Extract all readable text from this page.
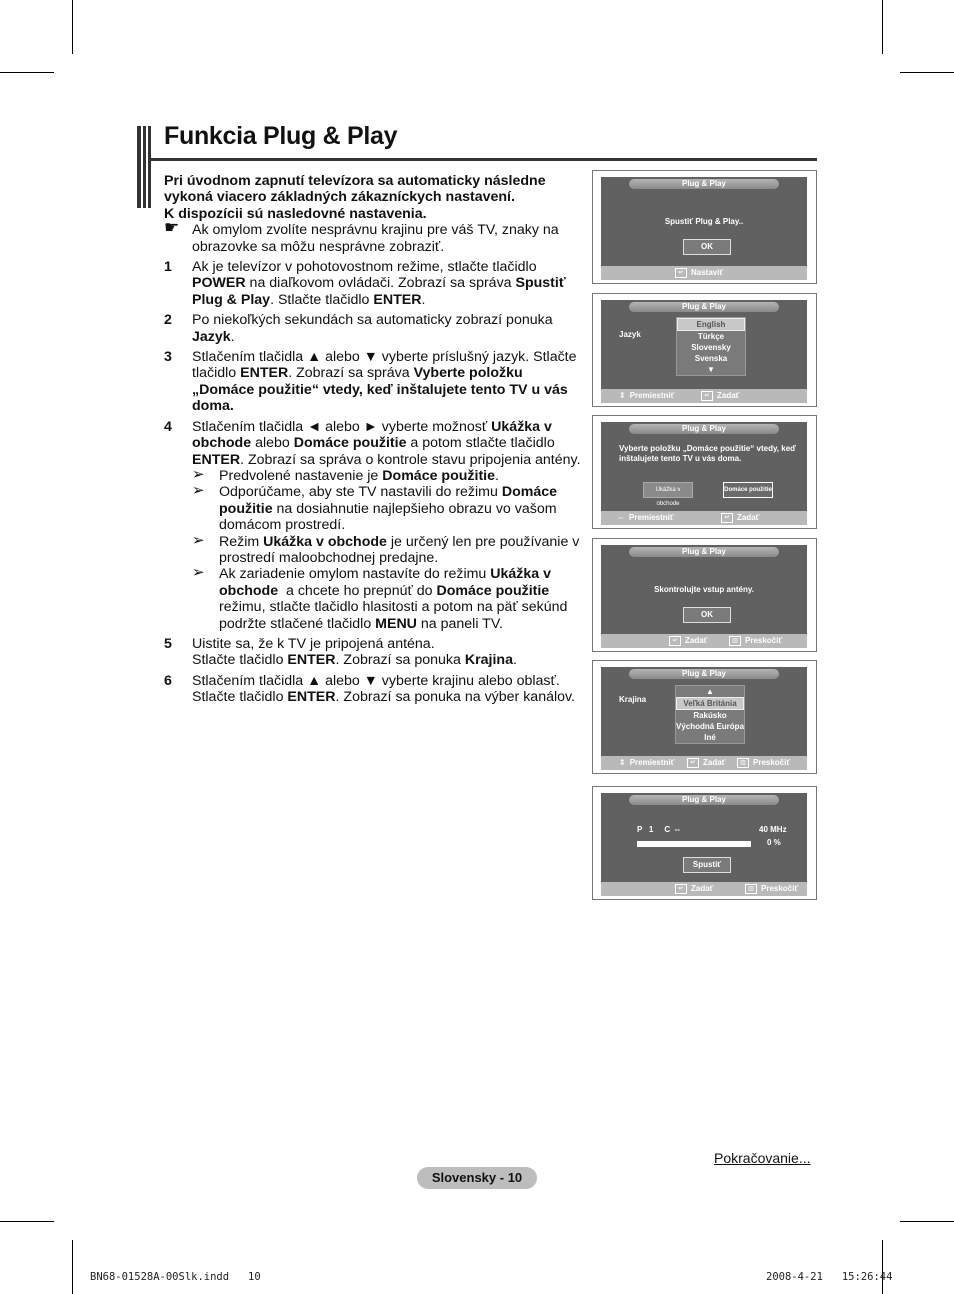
Funkcia Plug & Play

Pri úvodnom zapnutí televízora sa automaticky následne

vykoná viacero základných zákazníckych nastavení.

K dispozícii sú nasledovné nastavenia.

☛ Ak omylom zvolíte nesprávnu krajinu pre váš TV, znaky na obrazovke sa môžu nesprávne zobraziť.

1 Ak je televízor v pohotovostnom režime, stlačte tlačidlo POWER na diaľkovom ovládači. Zobrazí sa správa Spustiť Plug & Play. Stlačte tlačidlo ENTER.

2 Po niekoľkých sekundách sa automaticky zobrazí ponuka Jazyk.

3 Stlačením tlačidla ▲ alebo ▼ vyberte príslušný jazyk. Stlačte tlačidlo ENTER. Zobrazí sa správa Vyberte položku „Domáce použitie“ vtedy, keď inštalujete tento TV u vás doma.

4 Stlačením tlačidla ◄ alebo ► vyberte možnosť Ukážka v obchode alebo Domáce použitie a potom stlačte tlačidlo ENTER. Zobrazí sa správa o kontrole stavu pripojenia antény.

➢ Predvolené nastavenie je Domáce použitie.

➢ Odporúčame, aby ste TV nastavili do režimu Domáce použitie na dosiahnutie najlepšieho obrazu vo vašom domácom prostredí.

➢ Režim Ukážka v obchode je určený len pre používanie v prostredí maloobchodnej predajne.

➢ Ak zariadenie omylom nastavíte do režimu Ukážka v obchode  a chcete ho prepnúť do Domáce použitie režimu, stlačte tlačidlo hlasitosti a potom na päť sekúnd podržte stlačené tlačidlo MENU na paneli TV.

5 Uistite sa, že k TV je pripojená anténa.
Stlačte tlačidlo ENTER. Zobrazí sa ponuka Krajina.

6 Stlačením tlačidla ▲ alebo ▼ vyberte krajinu alebo oblasť. Stlačte tlačidlo ENTER. Zobrazí sa ponuka na výber kanálov.

Plug & Play
Spustiť Plug & Play..
OK
↵ Nastaviť
Plug & Play
Jazyk
English
Türkçe
Slovensky
Svenska
▼
⇕ Premiestniť	↵ Zadať
Plug & Play
Vyberte položku „Domáce použitie“ vtedy, keď inštalujete tento TV u vás doma.
Ukážka v obchode
Domáce použitie
⇔ Premiestniť	↵ Zadať
Plug & Play
Skontrolujte vstup antény.
OK
↵ Zadať	▥ Preskočiť
Plug & Play
Krajina
▲
Veľká Británia
Rakúsko
Východná Európa
Iné
⇕ Premiestniť	↵ Zadať	▥ Preskočiť
Plug & Play
P   1     C  --	40 MHz
0 %
Spustiť
↵ Zadať	▥ Preskočiť
Pokračovanie...
Slovensky - 10
BN68-01528A-00Slk.indd   10	2008-4-21   15:26:44
